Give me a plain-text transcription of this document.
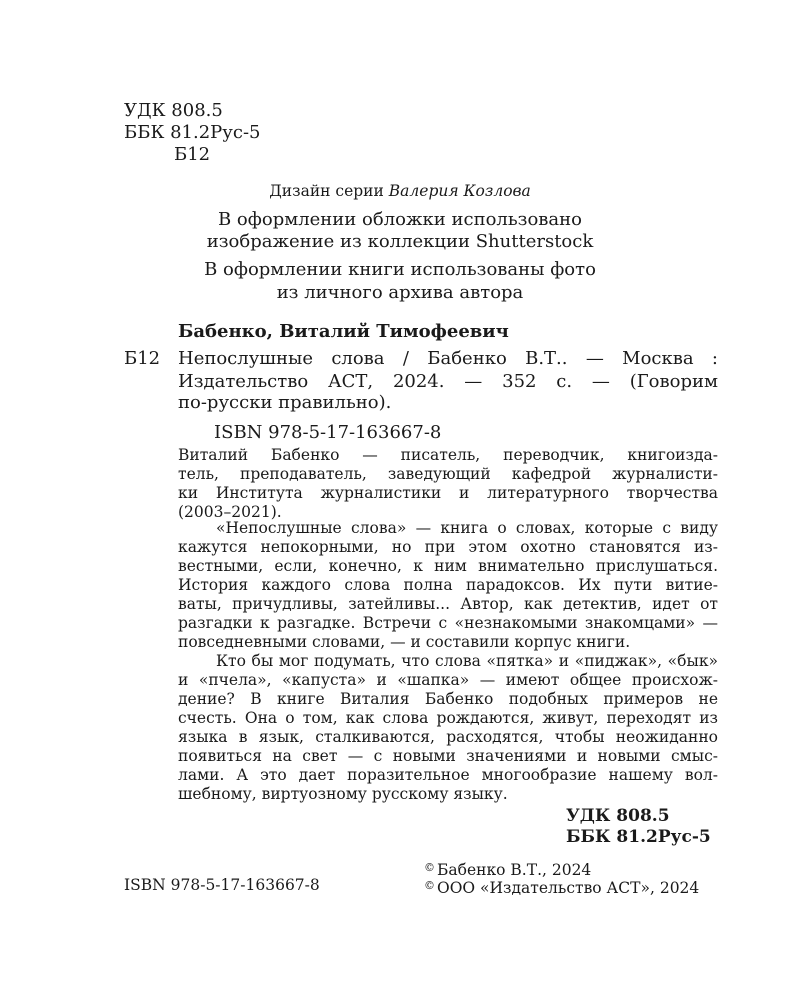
УДК 808.5
ББК 81.2Рус-5
Б12
Дизайн серии Валерия Козлова
В оформлении обложки использовано
изображение из коллекции Shutterstock
В оформлении книги использованы фото
из личного архива автора
Бабенко, Виталий Тимофеевич
Б12 Непослушные слова / Бабенко В.Т.. — Москва :
Издательство АСТ, 2024. — 352 с. — (Говорим
по-русски правильно).
ISBN 978-5-17-163667-8
Виталий Бабенко — писатель, переводчик, книгоизда-
тель, преподаватель, заведующий кафедрой журналисти-
ки Института журналистики и литературного творчества
(2003–2021).
«Непослушные слова» — книга о словах, которые с виду
кажутся непокорными, но при этом охотно становятся из-
вестными, если, конечно, к ним внимательно прислушаться.
История каждого слова полна парадоксов. Их пути витие-
ваты, причудливы, затейливы... Автор, как детектив, идет от
разгадки к разгадке. Встречи с «незнакомыми знакомцами» —
повседневными словами, — и составили корпус книги.
Кто бы мог подумать, что слова «пятка» и «пиджак», «бык»
и «пчела», «капуста» и «шапка» — имеют общее происхож-
дение? В книге Виталия Бабенко подобных примеров не
счесть. Она о том, как слова рождаются, живут, переходят из
языка в язык, сталкиваются, расходятся, чтобы неожиданно
появиться на свет — с новыми значениями и новыми смыс-
лами. А это дает поразительное многообразие нашему вол-
шебному, виртуозному русскому языку.
УДК 808.5
ББК 81.2Рус-5
© Бабенко В.Т., 2024
© ООО «Издательство АСТ», 2024
ISBN 978-5-17-163667-8
